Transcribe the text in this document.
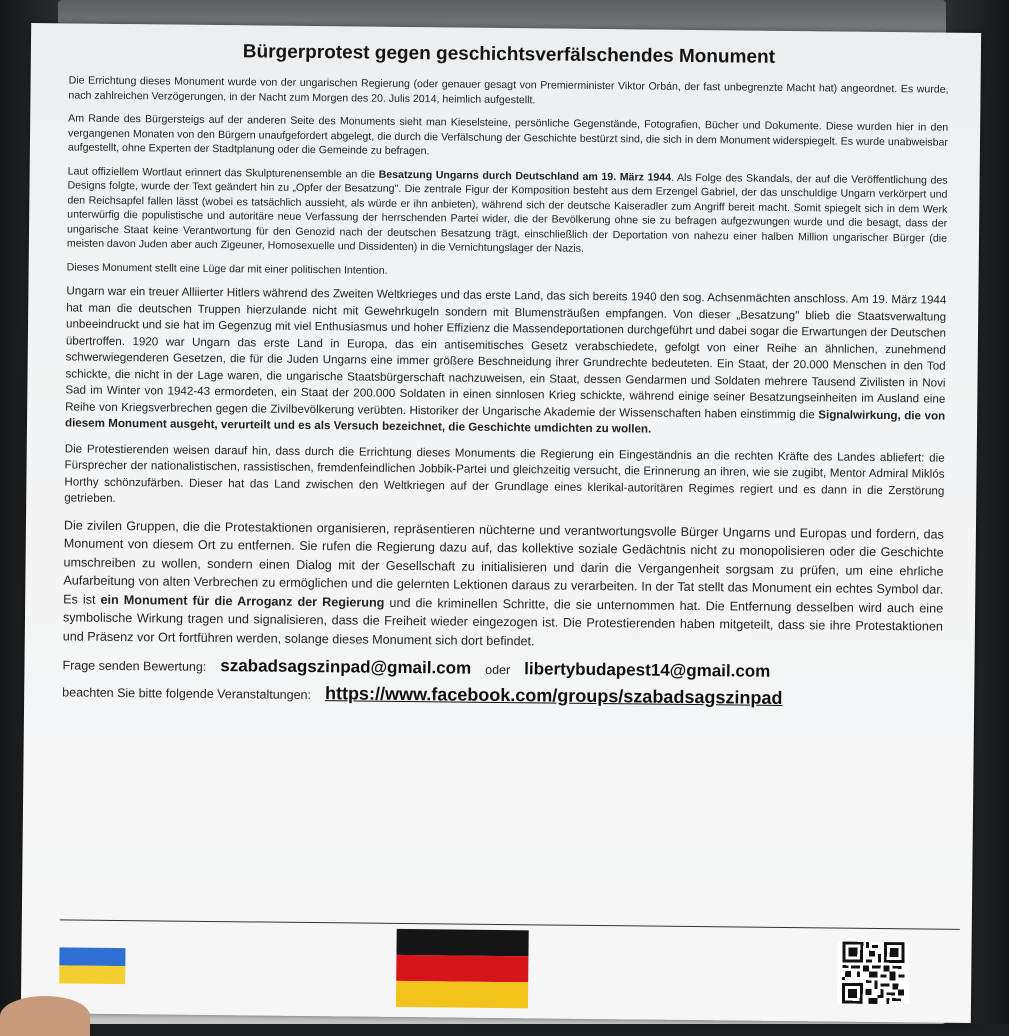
Bürgerprotest gegen geschichtsverfälschendes Monument

Die Errichtung dieses Monument wurde von der ungarischen Regierung (oder genauer gesagt von Premierminister Viktor Orbán, der fast unbegrenzte Macht hat) angeordnet. Es wurde, nach zahlreichen Verzögerungen, in der Nacht zum Morgen des 20. Julis 2014, heimlich aufgestellt.

Am Rande des Bürgersteigs auf der anderen Seite des Monuments sieht man Kieselsteine, persönliche Gegenstände, Fotografien, Bücher und Dokumente. Diese wurden hier in den vergangenen Monaten von den Bürgern unaufgefordert abgelegt, die durch die Verfälschung der Geschichte bestürzt sind, die sich in dem Monument widerspiegelt. Es wurde unabweisbar aufgestellt, ohne Experten der Stadtplanung oder die Gemeinde zu befragen.

Laut offiziellem Wortlaut erinnert das Skulpturenensemble an die Besatzung Ungarns durch Deutschland am 19. März 1944. Als Folge des Skandals, der auf die Veröffentlichung des Designs folgte, wurde der Text geändert hin zu „Opfer der Besatzung". Die zentrale Figur der Komposition besteht aus dem Erzengel Gabriel, der das unschuldige Ungarn verkörpert und den Reichsapfel fallen lässt (wobei es tatsächlich aussieht, als würde er ihn anbieten), während sich der deutsche Kaiseradler zum Angriff bereit macht. Somit spiegelt sich in dem Werk unterwürfig die populistische und autoritäre neue Verfassung der herrschenden Partei wider, die der Bevölkerung ohne sie zu befragen aufgezwungen wurde und die besagt, dass der ungarische Staat keine Verantwortung für den Genozid nach der deutschen Besatzung trägt, einschließlich der Deportation von nahezu einer halben Million ungarischer Bürger (die meisten davon Juden aber auch Zigeuner, Homosexuelle und Dissidenten) in die Vernichtungslager der Nazis.

Dieses Monument stellt eine Lüge dar mit einer politischen Intention.

Ungarn war ein treuer Alliierter Hitlers während des Zweiten Weltkrieges und das erste Land, das sich bereits 1940 den sog. Achsenmächten anschloss. Am 19. März 1944 hat man die deutschen Truppen hierzulande nicht mit Gewehrkugeln sondern mit Blumensträußen empfangen. Von dieser „Besatzung" blieb die Staatsverwaltung unbeeindruckt und sie hat im Gegenzug mit viel Enthusiasmus und hoher Effizienz die Massendeportationen durchgeführt und dabei sogar die Erwartungen der Deutschen übertroffen. 1920 war Ungarn das erste Land in Europa, das ein antisemitisches Gesetz verabschiedete, gefolgt von einer Reihe an ähnlichen, zunehmend schwerwiegenderen Gesetzen, die für die Juden Ungarns eine immer größere Beschneidung ihrer Grundrechte bedeuteten. Ein Staat, der 20.000 Menschen in den Tod schickte, die nicht in der Lage waren, die ungarische Staatsbürgerschaft nachzuweisen, ein Staat, dessen Gendarmen und Soldaten mehrere Tausend Zivilisten in Novi Sad im Winter von 1942-43 ermordeten, ein Staat der 200.000 Soldaten in einen sinnlosen Krieg schickte, während einige seiner Besatzungseinheiten im Ausland eine Reihe von Kriegsverbrechen gegen die Zivilbevölkerung verübten. Historiker der Ungarische Akademie der Wissenschaften haben einstimmig die Signalwirkung, die von diesem Monument ausgeht, verurteilt und es als Versuch bezeichnet, die Geschichte umdichten zu wollen.

Die Protestierenden weisen darauf hin, dass durch die Errichtung dieses Monuments die Regierung ein Eingeständnis an die rechten Kräfte des Landes abliefert: die Fürsprecher der nationalistischen, rassistischen, fremdenfeindlichen Jobbik-Partei und gleichzeitig versucht, die Erinnerung an ihren, wie sie zugibt, Mentor Admiral Miklós Horthy schönzufärben. Dieser hat das Land zwischen den Weltkriegen auf der Grundlage eines klerikal-autoritären Regimes regiert und es dann in die Zerstörung getrieben.

Die zivilen Gruppen, die die Protestaktionen organisieren, repräsentieren nüchterne und verantwortungsvolle Bürger Ungarns und Europas und fordern, das Monument von diesem Ort zu entfernen. Sie rufen die Regierung dazu auf, das kollektive soziale Gedächtnis nicht zu monopolisieren oder die Geschichte umschreiben zu wollen, sondern einen Dialog mit der Gesellschaft zu initialisieren und darin die Vergangenheit sorgsam zu prüfen, um eine ehrliche Aufarbeitung von alten Verbrechen zu ermöglichen und die gelernten Lektionen daraus zu verarbeiten. In der Tat stellt das Monument ein echtes Symbol dar. Es ist ein Monument für die Arroganz der Regierung und die kriminellen Schritte, die sie unternommen hat. Die Entfernung desselben wird auch eine symbolische Wirkung tragen und signalisieren, dass die Freiheit wieder eingezogen ist. Die Protestierenden haben mitgeteilt, dass sie ihre Protestaktionen und Präsenz vor Ort fortführen werden, solange dieses Monument sich dort befindet.

Frage senden Bewertung: szabadsagszinpad@gmail.com oder libertybudapest14@gmail.com
beachten Sie bitte folgende Veranstaltungen: https://www.facebook.com/groups/szabadsagszinpad
